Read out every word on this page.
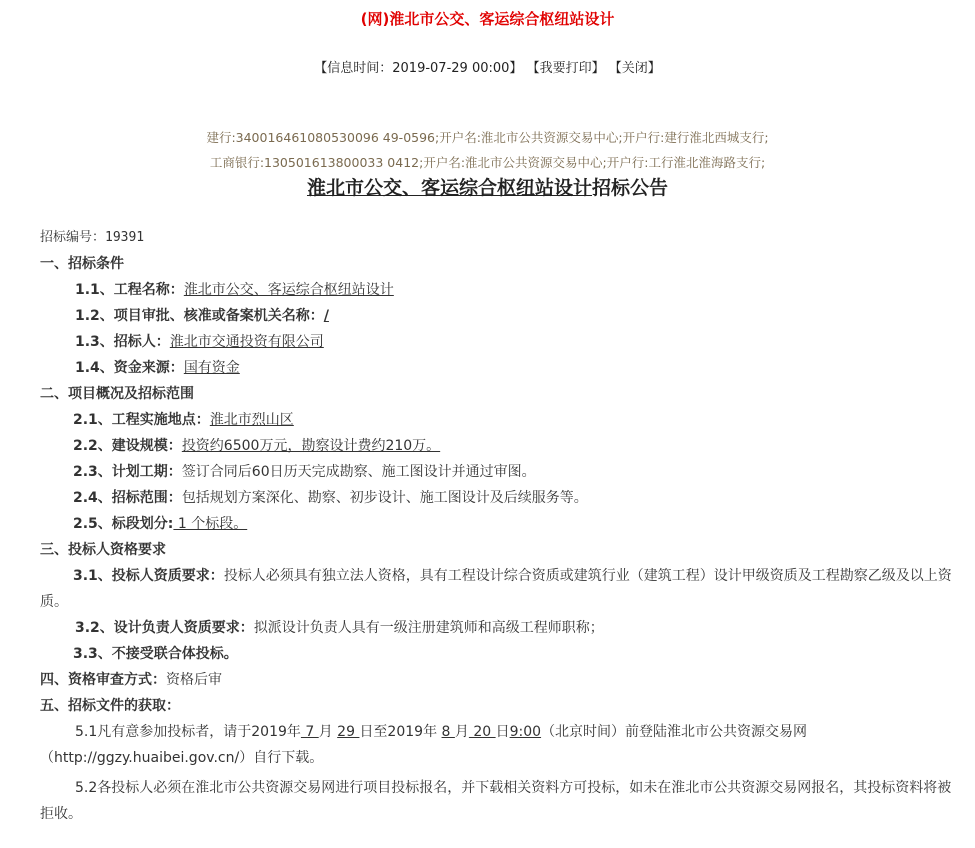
(网)淮北市公交、客运综合枢纽站设计
【信息时间：2019-07-29 00:00】 【我要打印】 【关闭】
建行:340016461080530096 49-0596;开户名:淮北市公共资源交易中心;开户行:建行淮北西城支行;
工商银行:130501613800033 0412;开户名:淮北市公共资源交易中心;开户行:工行淮北淮海路支行;
淮北市公交、客运综合枢纽站设计招标公告
招标编号：19391
一、招标条件
1.1、工程名称：淮北市公交、客运综合枢纽站设计
1.2、项目审批、核准或备案机关名称：/
1.3、招标人：淮北市交通投资有限公司
1.4、资金来源：国有资金
二、项目概况及招标范围
2.1、工程实施地点：淮北市烈山区
2.2、建设规模：投资约6500万元，勘察设计费约210万。
2.3、计划工期：签订合同后60日历天完成勘察、施工图设计并通过审图。
2.4、招标范围：包括规划方案深化、勘察、初步设计、施工图设计及后续服务等。
2.5、标段划分: 1 个标段。
三、投标人资格要求
3.1、投标人资质要求：投标人必须具有独立法人资格，具有工程设计综合资质或建筑行业（建筑工程）设计甲级资质及工程勘察乙级及以上资质。
3.2、设计负责人资质要求：拟派设计负责人具有一级注册建筑师和高级工程师职称；
3.3、不接受联合体投标。
四、资格审查方式：资格后审
五、招标文件的获取：
5.1凡有意参加投标者，请于2019年 7 月 29 日至2019年 8 月 20 日9:00（北京时间）前登陆淮北市公共资源交易网（http://ggzy.huaibei.gov.cn/）自行下载。
5.2各投标人必须在淮北市公共资源交易网进行项目投标报名，并下载相关资料方可投标，如未在淮北市公共资源交易网报名，其投标资料将被拒收。
